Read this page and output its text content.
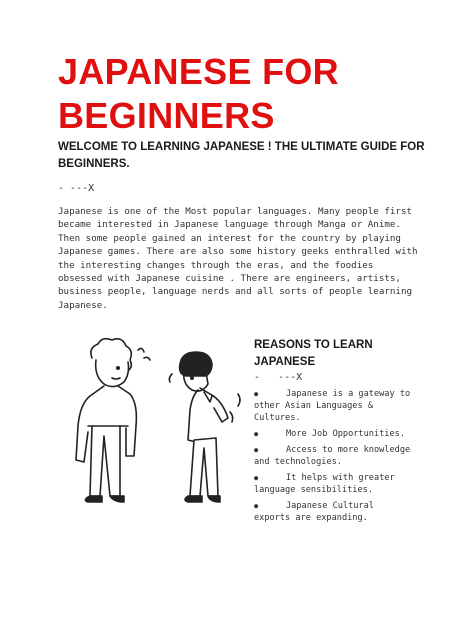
JAPANESE FOR
BEGINNERS
WELCOME TO LEARNING JAPANESE ! THE ULTIMATE GUIDE FOR BEGINNERS.
- ---X
Japanese is one of the Most popular languages. Many people first became interested in Japanese language through Manga or Anime. Then some people gained an interest for the country by playing Japanese games. There are also some history geeks enthralled with the interesting changes through the eras, and the foodies obsessed with Japanese cuisine . There are engineers, artists, business people, language nerds and all sorts of people learning Japanese.
REASONS TO LEARN JAPANESE
-   ---X
●	Japanese is a gateway to other Asian Languages & Cultures.
●	More Job Opportunities.
●	Access to more knowledge and technologies.
●	It helps with greater language sensibilities.
●	Japanese Cultural exports are expanding.
